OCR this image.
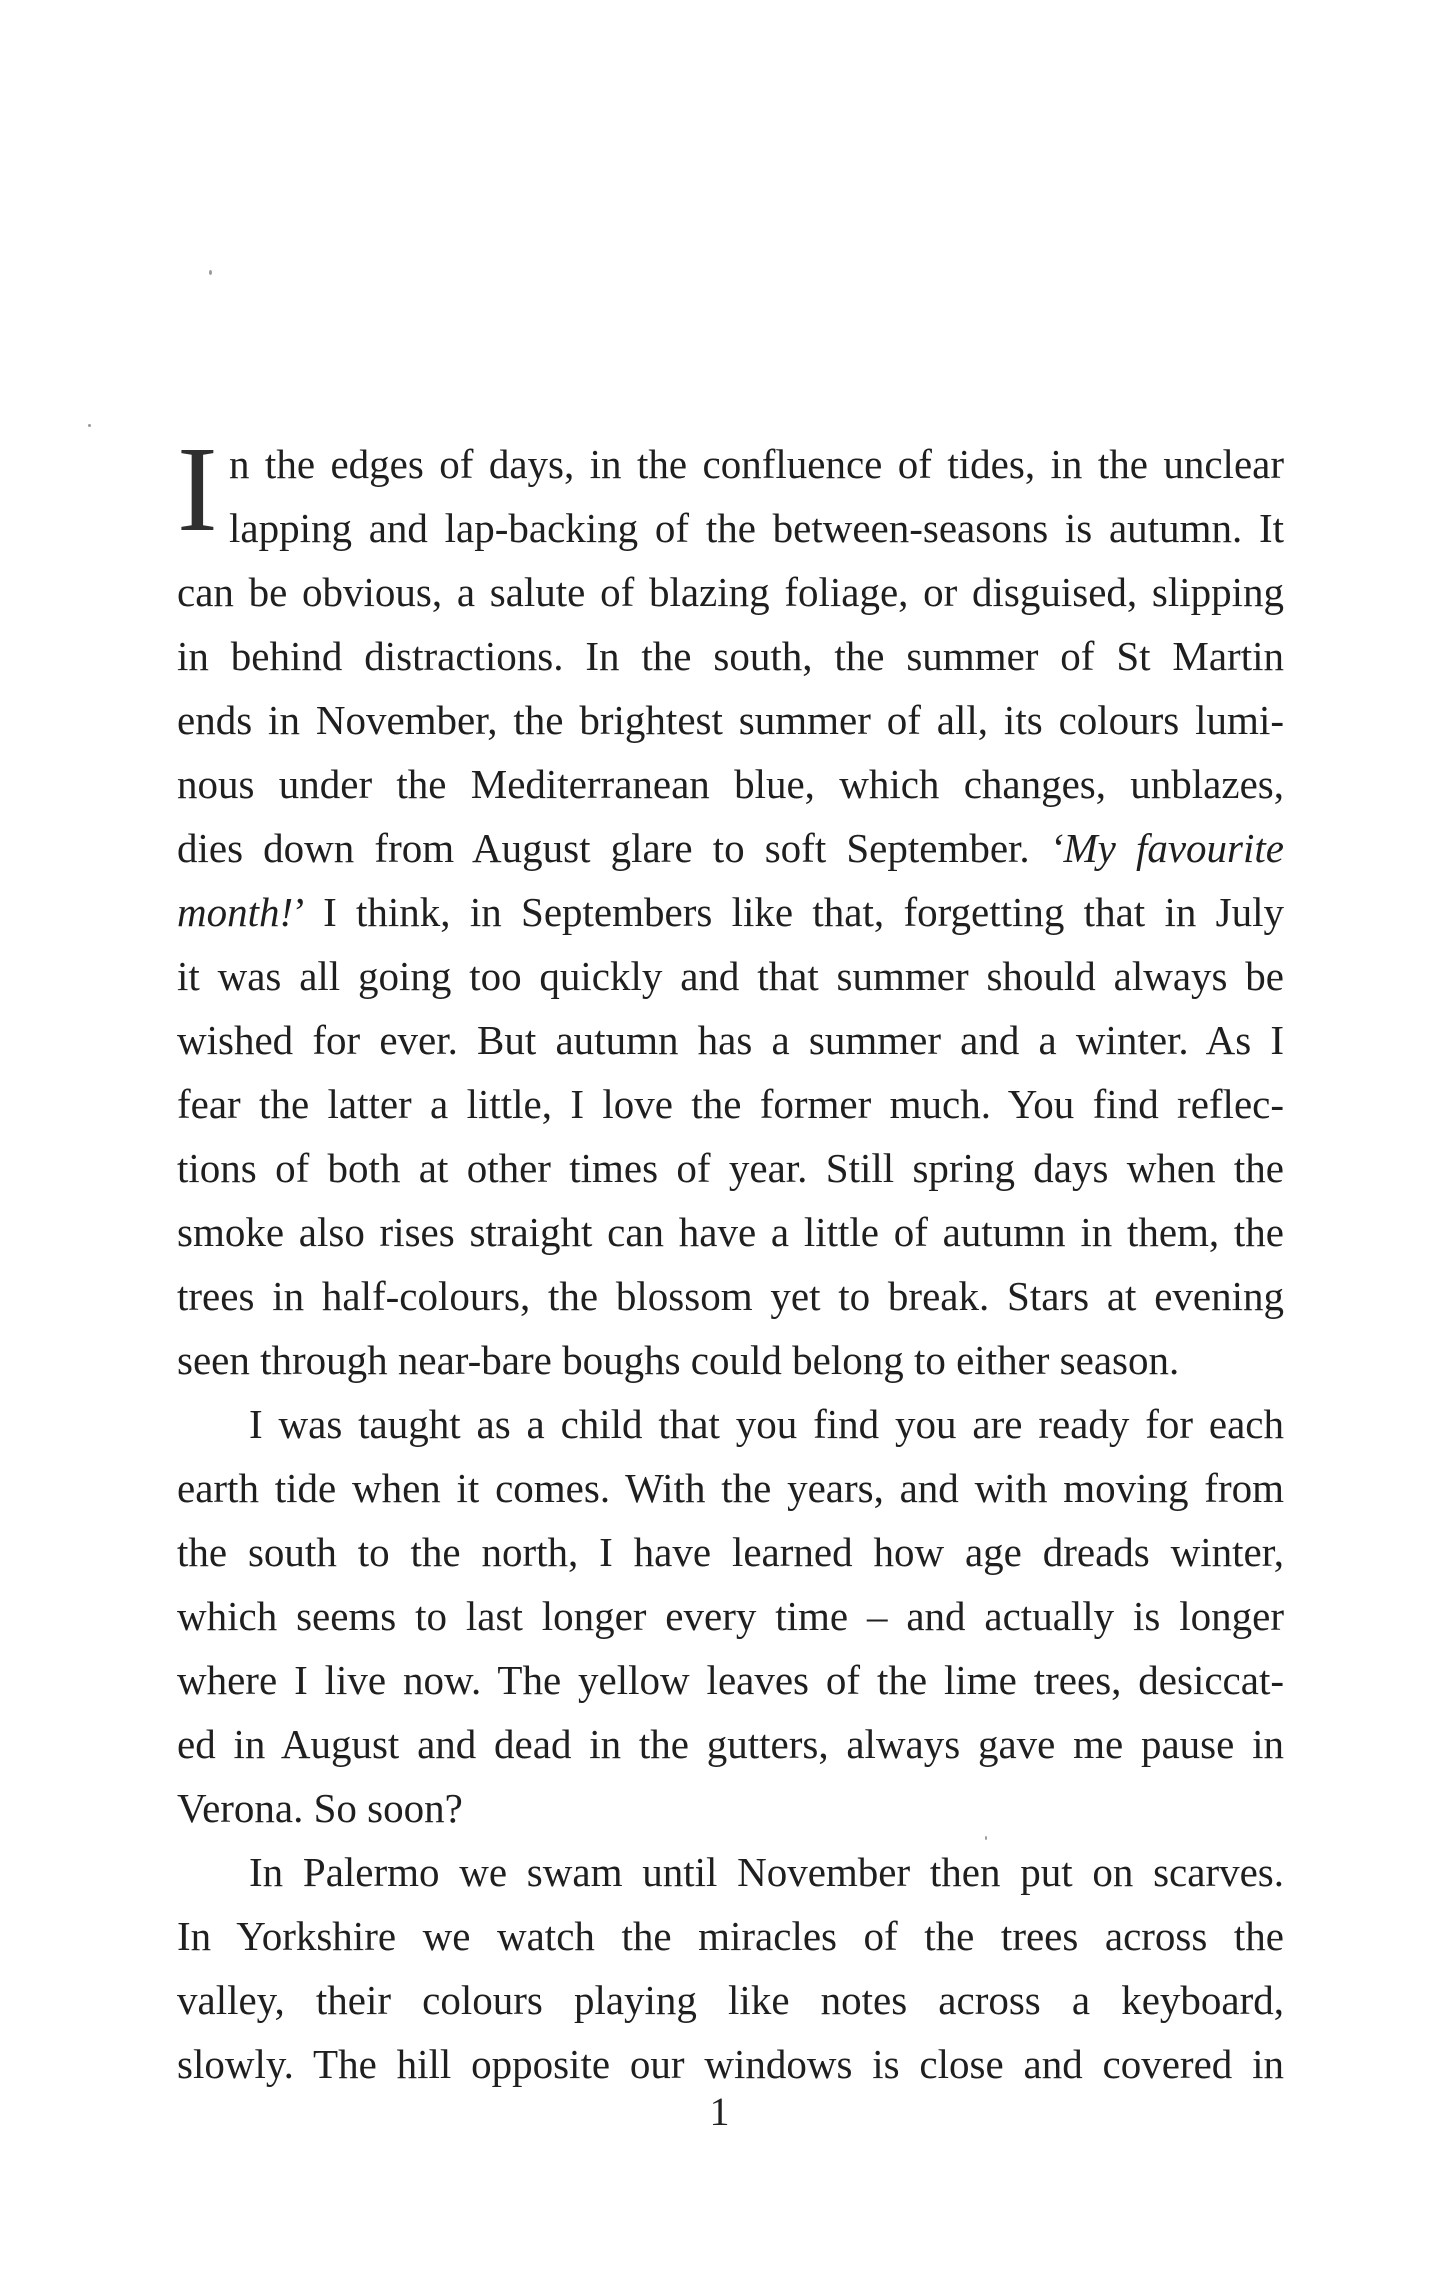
I n the edges of days, in the confluence of tides, in the unclear
lapping and lap-backing of the between-seasons is autumn. It
can be obvious, a salute of blazing foliage, or disguised, slipping
in behind distractions. In the south, the summer of St Martin
ends in November, the brightest summer of all, its colours lumi-
nous under the Mediterranean blue, which changes, unblazes,
dies down from August glare to soft September. ‘My favourite
month!’ I think, in Septembers like that, forgetting that in July
it was all going too quickly and that summer should always be
wished for ever. But autumn has a summer and a winter. As I
fear the latter a little, I love the former much. You find reflec-
tions of both at other times of year. Still spring days when the
smoke also rises straight can have a little of autumn in them, the
trees in half-colours, the blossom yet to break. Stars at evening
seen through near-bare boughs could belong to either season.
I was taught as a child that you find you are ready for each
earth tide when it comes. With the years, and with moving from
the south to the north, I have learned how age dreads winter,
which seems to last longer every time – and actually is longer
where I live now. The yellow leaves of the lime trees, desiccat-
ed in August and dead in the gutters, always gave me pause in
Verona. So soon?
In Palermo we swam until November then put on scarves.
In Yorkshire we watch the miracles of the trees across the
valley, their colours playing like notes across a keyboard,
slowly. The hill opposite our windows is close and covered in
1
